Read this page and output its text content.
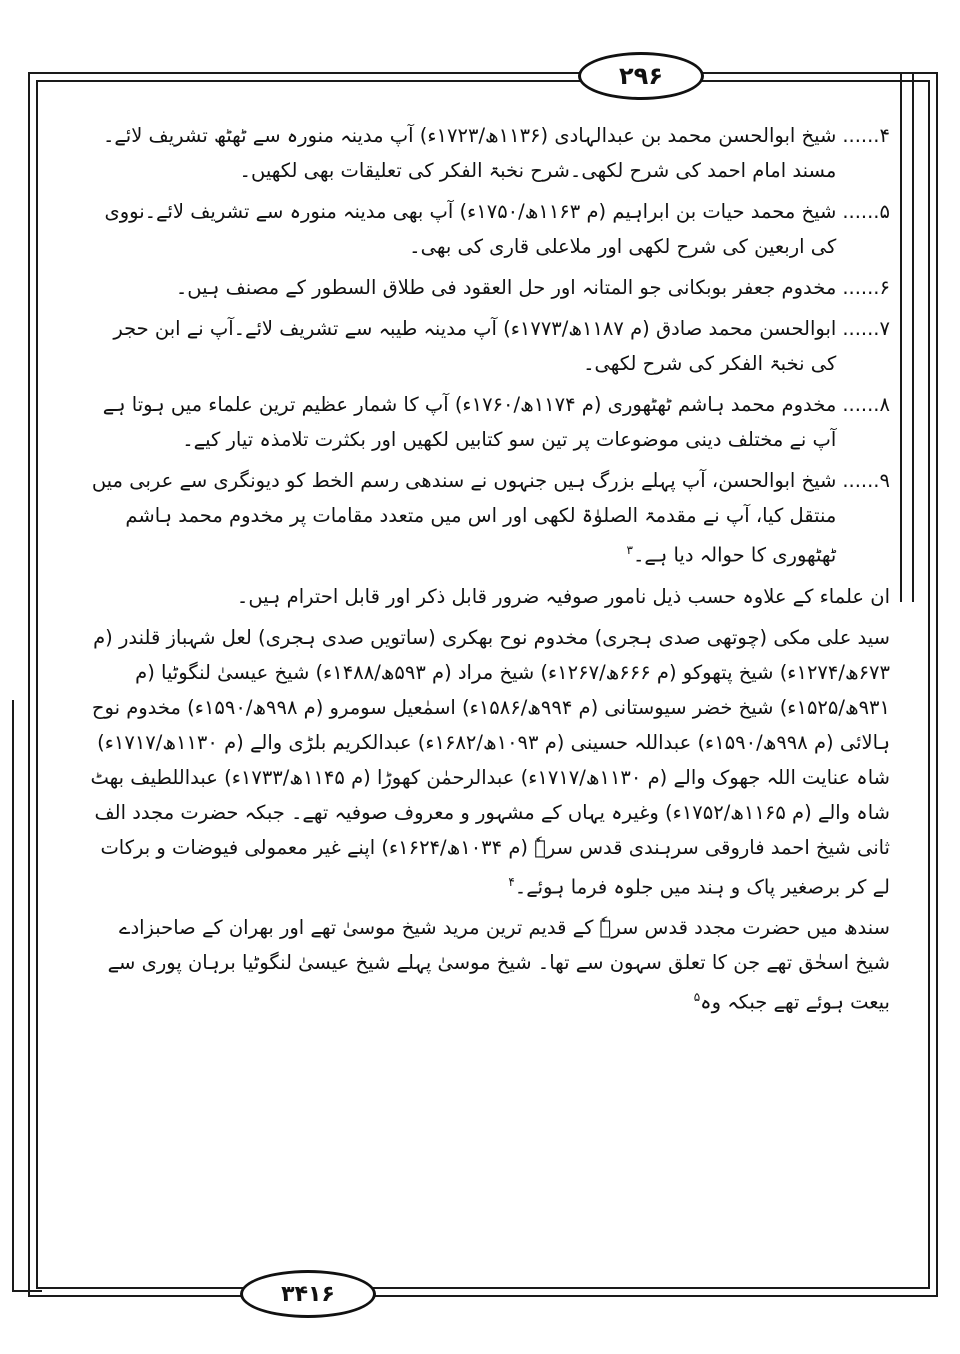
۲۹۶
۳۴۱۶

۴......
شیخ ابوالحسن محمد بن عبدالہادی (۱۱۳۶ھ/۱۷۲۳ء) آپ مدینہ منورہ سے ٹھٹھ تشریف لائے۔ مسند امام احمد کی شرح لکھی۔شرح نخبۃ الفکر کی تعلیقات بھی لکھیں۔

۵......
شیخ محمد حیات بن ابراہیم (م ۱۱۶۳ھ/۱۷۵۰ء) آپ بھی مدینہ منورہ سے تشریف لائے۔نووی کی اربعین کی شرح لکھی اور ملاعلی قاری کی بھی۔

۶......
مخدوم جعفر بوبکانی جو المتانہ اور حل العقود فی طلاق السطور کے مصنف ہیں۔

۷......
ابوالحسن محمد صادق (م ۱۱۸۷ھ/۱۷۷۳ء) آپ مدینہ طیبہ سے تشریف لائے۔آپ نے ابن حجر کی نخبۃ الفکر کی شرح لکھی۔

۸......
مخدوم محمد ہاشم ٹھٹھوری (م ۱۱۷۴ھ/۱۷۶۰ء) آپ کا شمار عظیم ترین علماء میں ہوتا ہے آپ نے مختلف دینی موضوعات پر تین سو کتابیں لکھیں اور بکثرت تلامذہ تیار کیے۔

۹......
شیخ ابوالحسن، آپ پہلے بزرگ ہیں جنہوں نے سندھی رسم الخط کو دیونگری سے عربی میں منتقل کیا، آپ نے مقدمۃ الصلوٰۃ لکھی اور اس میں متعدد مقامات پر مخدوم محمد ہاشم ٹھٹھوری کا حوالہ دیا ہے۔$^۳$

ان علماء کے علاوہ حسب ذیل نامور صوفیہ ضرور قابل ذکر اور قابل احترام ہیں۔

سید علی مکی (چوتھی صدی ہجری) مخدوم نوح بھکری (ساتویں صدی ہجری) لعل شہباز قلندر (م ۶۷۳ھ/۱۲۷۴ء) شیخ پتھوکو (م ۶۶۶ھ/۱۲۶۷ء) شیخ مراد (م ۵۹۳ھ/۱۴۸۸ء) شیخ عیسیٰ لنگوٹیا (م ۹۳۱ھ/۱۵۲۵ء) شیخ خضر سیوستانی (م ۹۹۴ھ/۱۵۸۶ء) اسمٰعیل سومرو (م ۹۹۸ھ/۱۵۹۰ء) مخدوم نوح ہالائی (م ۹۹۸ھ/۱۵۹۰ء) عبداللہ حسینی (م ۱۰۹۳ھ/۱۶۸۲ء) عبدالکریم بلڑی والے (م ۱۱۳۰ھ/۱۷۱۷ء) شاہ عنایت اللہ جھوک والے (م ۱۱۳۰ھ/۱۷۱۷ء) عبدالرحمٰن کھوڑا (م ۱۱۴۵ھ/۱۷۳۳ء) عبداللطیف بھٹ شاہ والے (م ۱۱۶۵ھ/۱۷۵۲ء) وغیرہ یہاں کے مشہور و معروف صوفیہ تھے۔ جبکہ حضرت مجدد الف ثانی شیخ احمد فاروقی سرہندی قدس سرہٗ (م ۱۰۳۴ھ/۱۶۲۴ء) اپنے غیر معمولی فیوضات و برکات لے کر برصغیر پاک و ہند میں جلوہ فرما ہوئے۔$^۴$

سندھ میں حضرت مجدد قدس سرہٗ کے قدیم ترین مرید شیخ موسیٰ تھے اور بھران کے صاحبزادے شیخ اسحٰق تھے جن کا تعلق سہون سے تھا۔ شیخ موسیٰ پہلے شیخ عیسیٰ لنگوٹیا برہان پوری سے بیعت ہوئے تھے جبکہ وہ$^۵$
